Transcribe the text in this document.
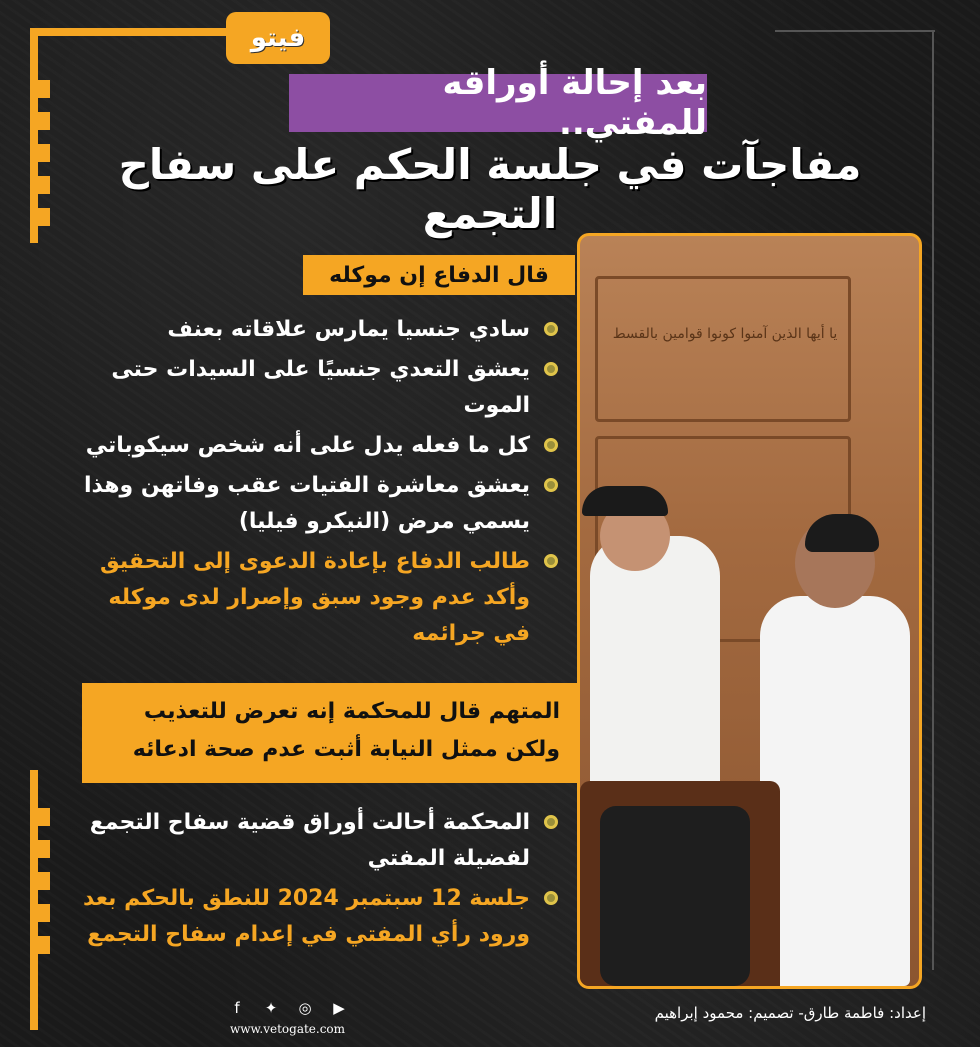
فيتو
بعد إحالة أوراقه للمفتي..
مفاجآت في جلسة الحكم على سفاح التجمع
يا أيها الذين آمنوا كونوا قوامين بالقسط
قال الدفاع إن موكله
سادي جنسيا يمارس علاقاته بعنف
يعشق التعدي جنسيًا على السيدات حتى الموت
كل ما فعله يدل على أنه شخص سيكوباتي
يعشق معاشرة الفتيات عقب وفاتهن وهذا يسمي مرض (النيكرو فيليا)
طالب الدفاع بإعادة الدعوى إلى التحقيق وأكد عدم وجود سبق وإصرار لدى موكله في جرائمه
المتهم قال للمحكمة إنه تعرض للتعذيب ولكن ممثل النيابة أثبت عدم صحة ادعائه
المحكمة أحالت أوراق قضية سفاح التجمع لفضيلة المفتي
جلسة 12 سبتمبر 2024 للنطق بالحكم بعد ورود رأي المفتي في إعدام سفاح التجمع
f	✦ ◎ ▶
www.vetogate.com
إعداد: فاطمة طارق- تصميم: محمود إبراهيم
